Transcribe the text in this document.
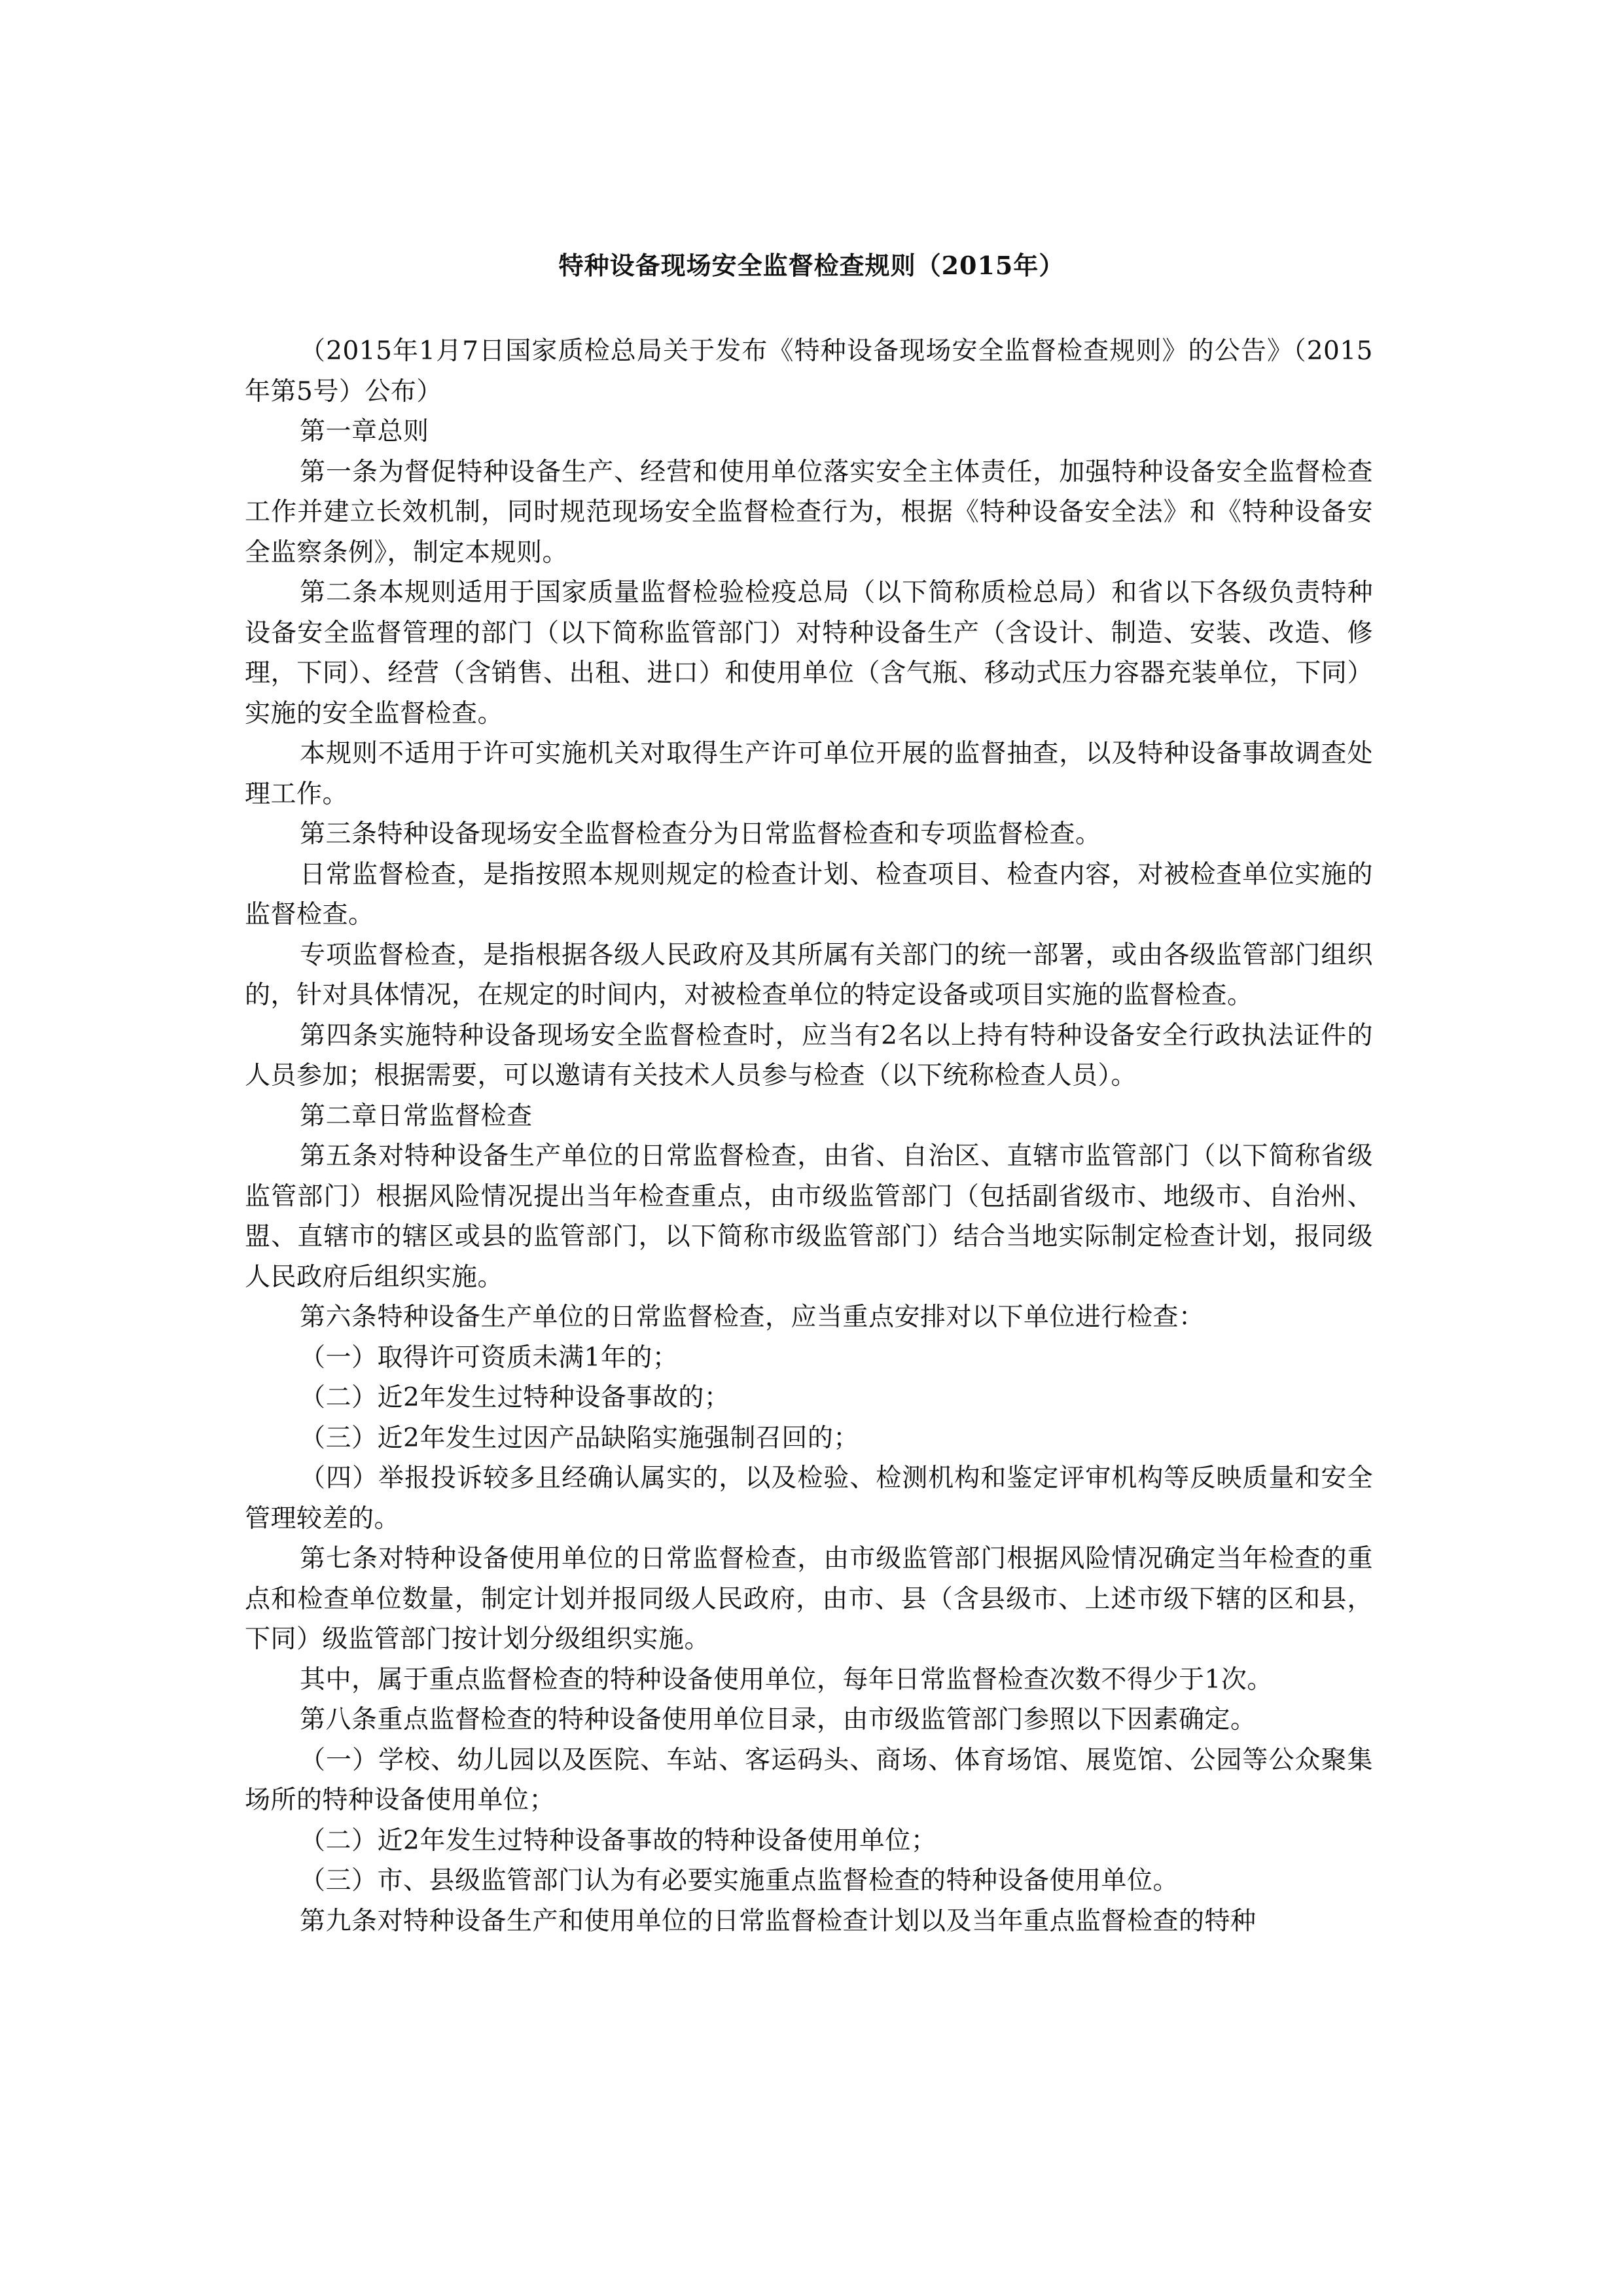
特种设备现场安全监督检查规则（2015年）

（2015年1月7日国家质检总局关于发布《特种设备现场安全监督检查规则》的公告》（2015年第5号）公布）

第一章总则

第一条为督促特种设备生产、经营和使用单位落实安全主体责任，加强特种设备安全监督检查工作并建立长效机制，同时规范现场安全监督检查行为，根据《特种设备安全法》和《特种设备安全监察条例》，制定本规则。

第二条本规则适用于国家质量监督检验检疫总局（以下简称质检总局）和省以下各级负责特种设备安全监督管理的部门（以下简称监管部门）对特种设备生产（含设计、制造、安装、改造、修理，下同）、经营（含销售、出租、进口）和使用单位（含气瓶、移动式压力容器充装单位，下同）实施的安全监督检查。

本规则不适用于许可实施机关对取得生产许可单位开展的监督抽查，以及特种设备事故调查处理工作。

第三条特种设备现场安全监督检查分为日常监督检查和专项监督检查。

日常监督检查，是指按照本规则规定的检查计划、检查项目、检查内容，对被检查单位实施的监督检查。

专项监督检查，是指根据各级人民政府及其所属有关部门的统一部署，或由各级监管部门组织的，针对具体情况，在规定的时间内，对被检查单位的特定设备或项目实施的监督检查。

第四条实施特种设备现场安全监督检查时，应当有2名以上持有特种设备安全行政执法证件的人员参加；根据需要，可以邀请有关技术人员参与检查（以下统称检查人员）。

第二章日常监督检查

第五条对特种设备生产单位的日常监督检查，由省、自治区、直辖市监管部门（以下简称省级监管部门）根据风险情况提出当年检查重点，由市级监管部门（包括副省级市、地级市、自治州、盟、直辖市的辖区或县的监管部门，以下简称市级监管部门）结合当地实际制定检查计划，报同级人民政府后组织实施。

第六条特种设备生产单位的日常监督检查，应当重点安排对以下单位进行检查：

（一）取得许可资质未满1年的；

（二）近2年发生过特种设备事故的；

（三）近2年发生过因产品缺陷实施强制召回的；

（四）举报投诉较多且经确认属实的，以及检验、检测机构和鉴定评审机构等反映质量和安全管理较差的。

第七条对特种设备使用单位的日常监督检查，由市级监管部门根据风险情况确定当年检查的重点和检查单位数量，制定计划并报同级人民政府，由市、县（含县级市、上述市级下辖的区和县，下同）级监管部门按计划分级组织实施。

其中，属于重点监督检查的特种设备使用单位，每年日常监督检查次数不得少于1次。

第八条重点监督检查的特种设备使用单位目录，由市级监管部门参照以下因素确定。

（一）学校、幼儿园以及医院、车站、客运码头、商场、体育场馆、展览馆、公园等公众聚集场所的特种设备使用单位；

（二）近2年发生过特种设备事故的特种设备使用单位；

（三）市、县级监管部门认为有必要实施重点监督检查的特种设备使用单位。

第九条对特种设备生产和使用单位的日常监督检查计划以及当年重点监督检查的特种
